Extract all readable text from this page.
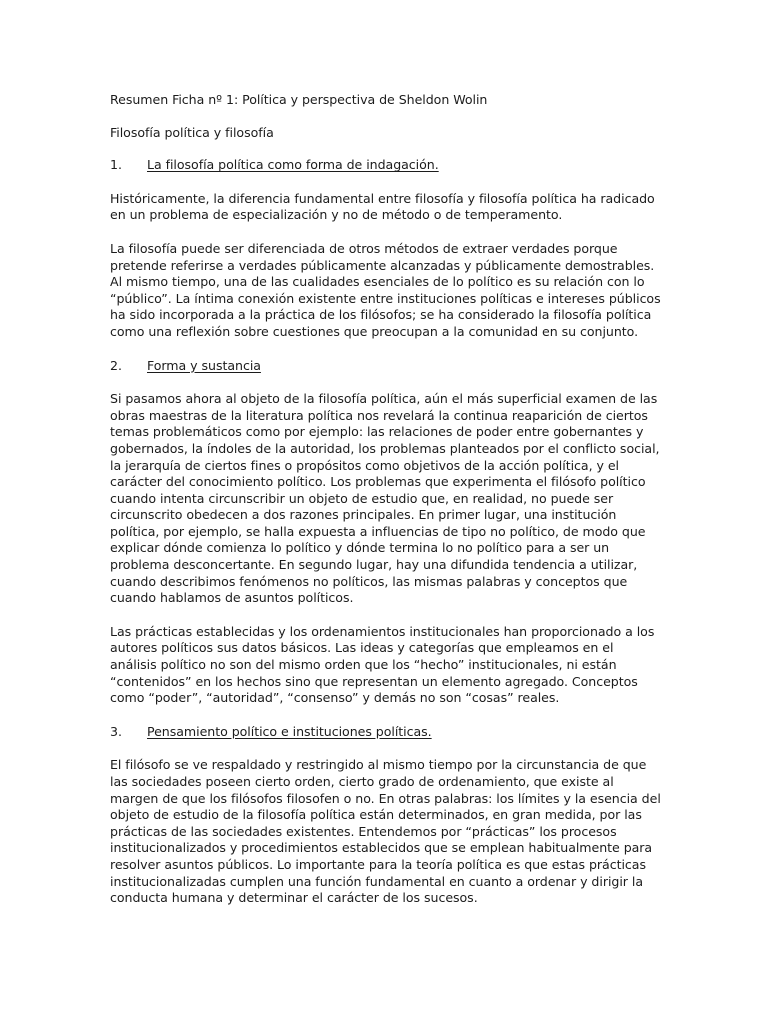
Resumen Ficha nº 1: Política y perspectiva de Sheldon Wolin
Filosofía política y filosofía
1.	La filosofía política como forma de indagación.

Históricamente, la diferencia fundamental entre filosofía y filosofía política ha radicado en un problema de especialización y no de método o de temperamento.

La filosofía puede ser diferenciada de otros métodos de extraer verdades porque pretende referirse a verdades públicamente alcanzadas y públicamente demostrables. Al mismo tiempo, una de las cualidades esenciales de lo político es su relación con lo “público”. La íntima conexión existente entre instituciones políticas e intereses públicos ha sido incorporada a la práctica de los filósofos; se ha considerado la filosofía política como una reflexión sobre cuestiones que preocupan a la comunidad en su conjunto.

2.	Forma y sustancia

Si pasamos ahora al objeto de la filosofía política, aún el más superficial examen de las obras maestras de la literatura política nos revelará la continua reaparición de ciertos temas problemáticos como por ejemplo: las relaciones de poder entre gobernantes y gobernados, la índoles de la autoridad, los problemas planteados por el conflicto social, la jerarquía de ciertos fines o propósitos como objetivos de la acción política, y el carácter del conocimiento político. Los problemas que experimenta el filósofo político cuando intenta circunscribir un objeto de estudio que, en realidad, no puede ser circunscrito obedecen a dos razones principales. En primer lugar, una institución política, por ejemplo, se halla expuesta a influencias de tipo no político, de modo que explicar dónde comienza lo político y dónde termina lo no político para a ser un problema desconcertante. En segundo lugar, hay una difundida tendencia a utilizar, cuando describimos fenómenos no políticos, las mismas palabras y conceptos que cuando hablamos de asuntos políticos.

Las prácticas establecidas y los ordenamientos institucionales han proporcionado a los autores políticos sus datos básicos. Las ideas y categorías que empleamos en el análisis político no son del mismo orden que los “hecho” institucionales, ni están “contenidos” en los hechos sino que representan un elemento agregado. Conceptos como “poder”, “autoridad”, “consenso” y demás no son “cosas” reales.

3.	Pensamiento político e instituciones políticas.

El filósofo se ve respaldado y restringido al mismo tiempo por la circunstancia de que las sociedades poseen cierto orden, cierto grado de ordenamiento, que existe al margen de que los filósofos filosofen o no. En otras palabras: los límites y la esencia del objeto de estudio de la filosofía política están determinados, en gran medida, por las prácticas de las sociedades existentes. Entendemos por “prácticas” los procesos institucionalizados y procedimientos establecidos que se emplean habitualmente para resolver asuntos públicos. Lo importante para la teoría política es que estas prácticas institucionalizadas cumplen una función fundamental en cuanto a ordenar y dirigir la conducta humana y determinar el carácter de los sucesos.
